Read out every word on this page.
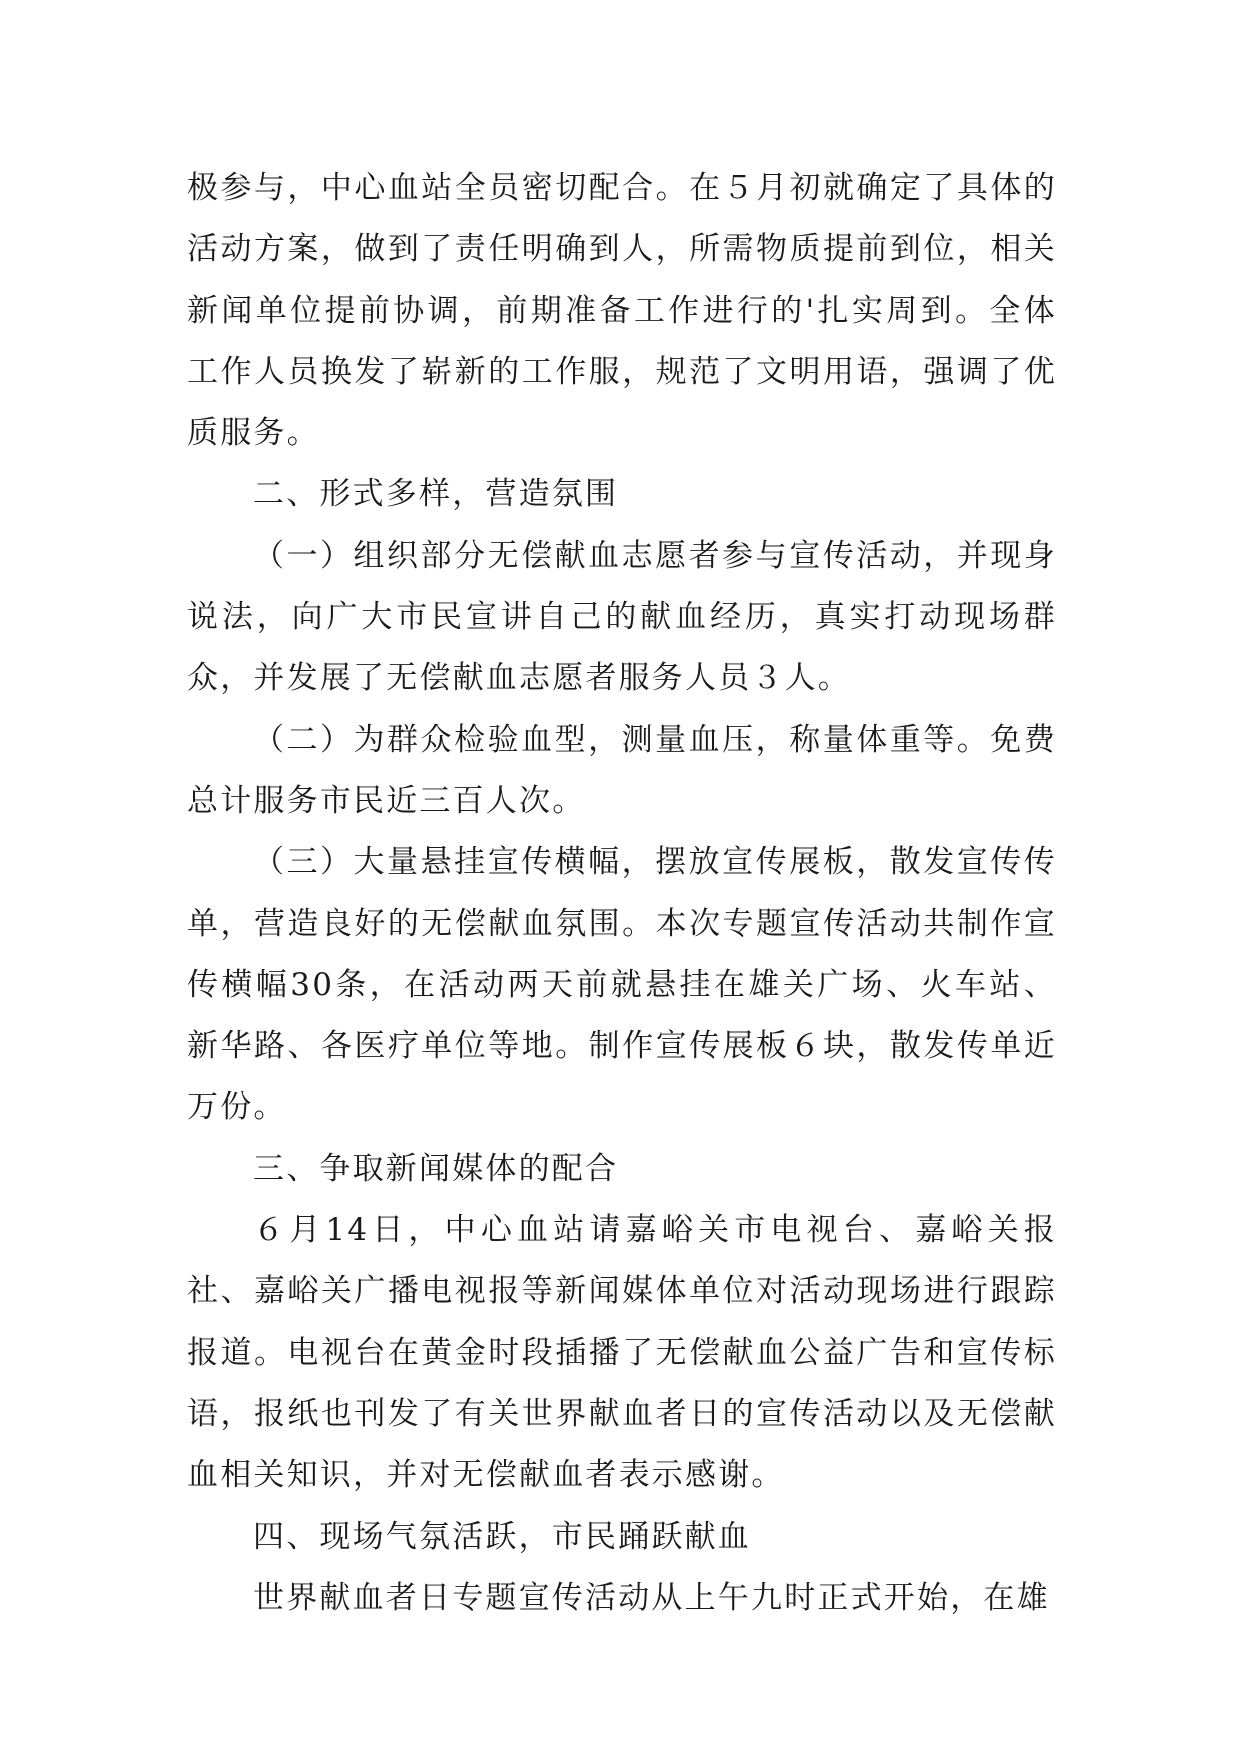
极参与，中心血站全员密切配合。在５月初就确定了具体的活动方案，做到了责任明确到人，所需物质提前到位，相关新闻单位提前协调，前期准备工作进行的'扎实周到。全体工作人员换发了崭新的工作服，规范了文明用语，强调了优质服务。

二、形式多样，营造氛围

（一）组织部分无偿献血志愿者参与宣传活动，并现身说法，向广大市民宣讲自己的献血经历，真实打动现场群众，并发展了无偿献血志愿者服务人员３人。

（二）为群众检验血型，测量血压，称量体重等。免费总计服务市民近三百人次。

（三）大量悬挂宣传横幅，摆放宣传展板，散发宣传传单，营造良好的无偿献血氛围。本次专题宣传活动共制作宣传横幅30条，在活动两天前就悬挂在雄关广场、火车站、新华路、各医疗单位等地。制作宣传展板６块，散发传单近万份。

三、争取新闻媒体的配合

６月14日，中心血站请嘉峪关市电视台、嘉峪关报社、嘉峪关广播电视报等新闻媒体单位对活动现场进行跟踪报道。电视台在黄金时段插播了无偿献血公益广告和宣传标语，报纸也刊发了有关世界献血者日的宣传活动以及无偿献血相关知识，并对无偿献血者表示感谢。

四、现场气氛活跃，市民踊跃献血

世界献血者日专题宣传活动从上午九时正式开始，在雄
